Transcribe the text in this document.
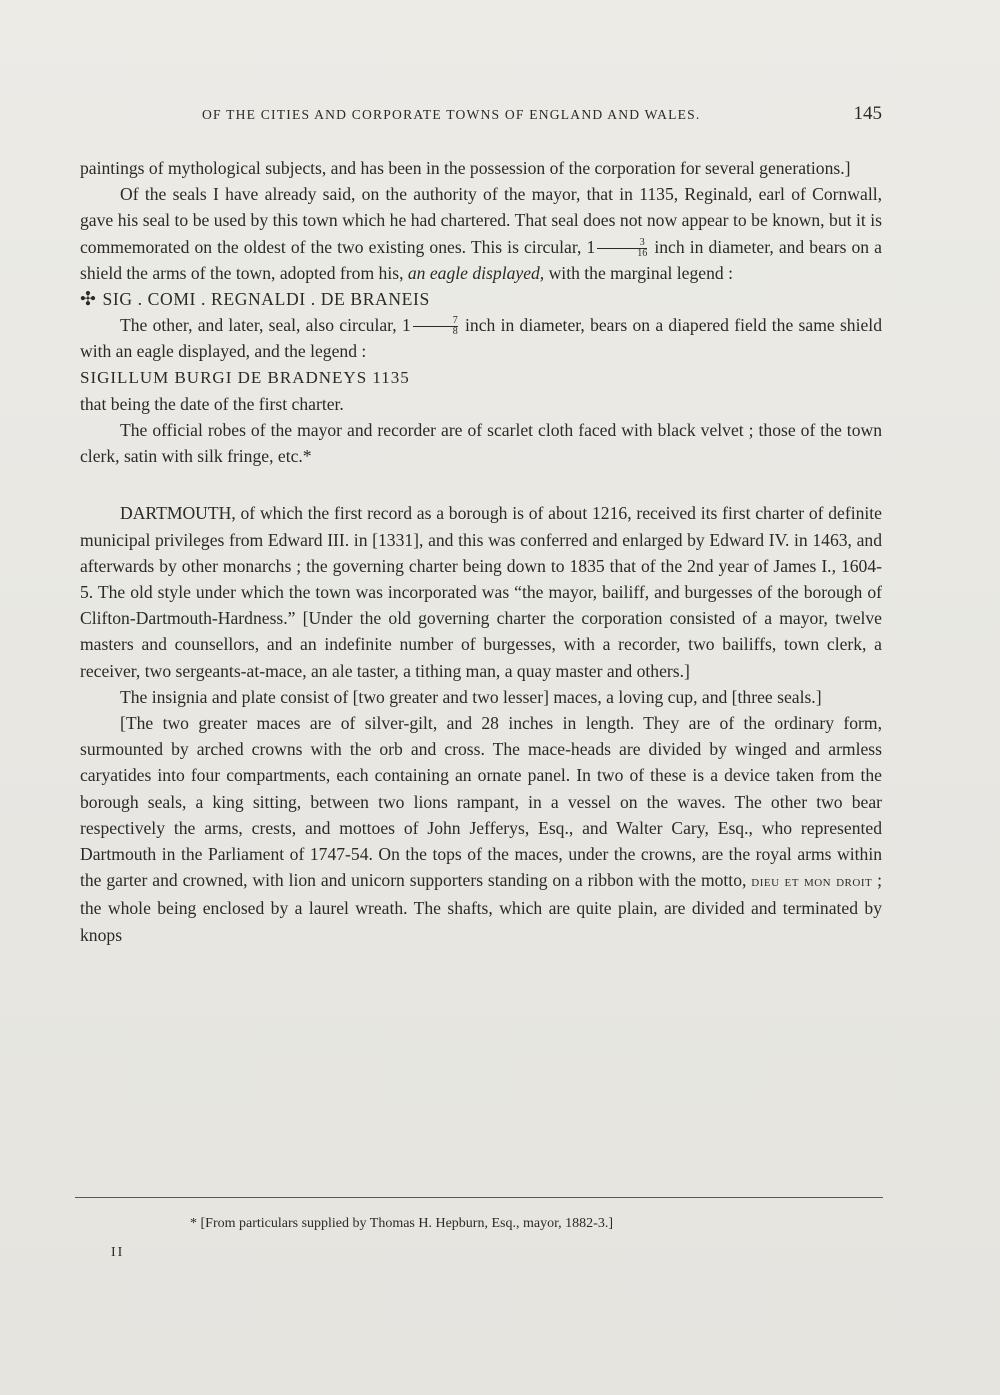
OF THE CITIES AND CORPORATE TOWNS OF ENGLAND AND WALES.	145

paintings of mythological subjects, and has been in the possession of the corporation for several generations.]

Of the seals I have already said, on the authority of the mayor, that in 1135, Reginald, earl of Cornwall, gave his seal to be used by this town which he had chartered. That seal does not now appear to be known, but it is commemorated on the oldest of the two existing ones. This is circular, $1 \frac{3}{16}$ inch in diameter, and bears on a shield the arms of the town, adopted from his, an eagle displayed, with the marginal legend :

✣ SIG . COMI . REGNALDI . DE BRANEIS

The other, and later, seal, also circular, $1 \frac{7}{8}$ inch in diameter, bears on a diapered field the same shield with an eagle displayed, and the legend :

SIGILLUM BURGI DE BRADNEYS 1135

that being the date of the first charter.

The official robes of the mayor and recorder are of scarlet cloth faced with black velvet ; those of the town clerk, satin with silk fringe, etc.*

DARTMOUTH, of which the first record as a borough is of about 1216, received its first charter of definite municipal privileges from Edward III. in [1331], and this was conferred and enlarged by Edward IV. in 1463, and afterwards by other monarchs ; the governing charter being down to 1835 that of the 2nd year of James I., 1604-5. The old style under which the town was incorporated was “the mayor, bailiff, and burgesses of the borough of Clifton-Dartmouth-Hardness.” [Under the old governing charter the corporation consisted of a mayor, twelve masters and counsellors, and an indefinite number of burgesses, with a recorder, two bailiffs, town clerk, a receiver, two sergeants-at-mace, an ale taster, a tithing man, a quay master and others.]

The insignia and plate consist of [two greater and two lesser] maces, a loving cup, and [three seals.]

[The two greater maces are of silver-gilt, and 28 inches in length. They are of the ordinary form, surmounted by arched crowns with the orb and cross. The mace-heads are divided by winged and armless caryatides into four compartments, each containing an ornate panel. In two of these is a device taken from the borough seals, a king sitting, between two lions rampant, in a vessel on the waves. The other two bear respectively the arms, crests, and mottoes of John Jefferys, Esq., and Walter Cary, Esq., who represented Dartmouth in the Parliament of 1747-54. On the tops of the maces, under the crowns, are the royal arms within the garter and crowned, with lion and unicorn supporters standing on a ribbon with the motto, dieu et mon droit ; the whole being enclosed by a laurel wreath. The shafts, which are quite plain, are divided and terminated by knops

* [From particulars supplied by Thomas H. Hepburn, Esq., mayor, 1882-3.]
II
